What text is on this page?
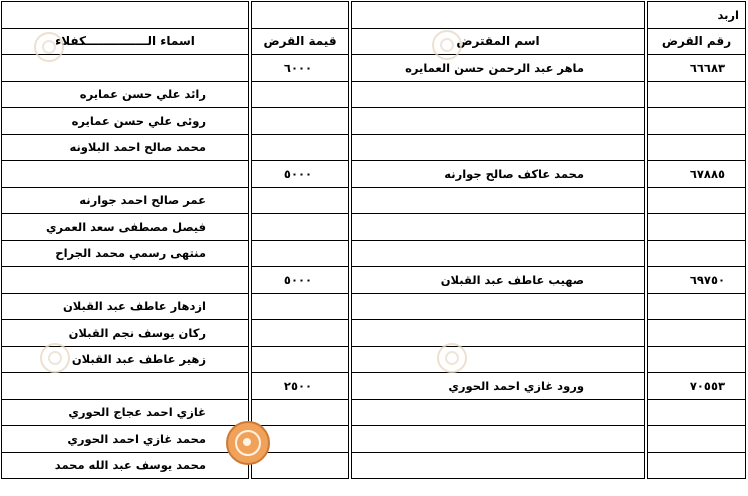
						اربد
اسماء الـــــــــــــــكفلاء		قيمة القرض		اسم المقترض		رقم القرض
		٦٠٠٠		ماهر عبد الرحمن حسن العمايره		٦٦٦٨٣
رائد علي حسن عمايره						
روئى علي حسن عمايره						
محمد صالح احمد البلاونه						
		٥٠٠٠		محمد عاكف صالح جوارنه		٦٧٨٨٥
عمر صالح احمد جوارنه						
فيصل مصطفى سعد العمري						
منتهى رسمي محمد الجراح						
		٥٠٠٠		صهيب عاطف عبد القبلان		٦٩٧٥٠
ازدهار عاطف عبد القبلان						
ركان يوسف نجم القبلان						
زهير عاطف عبد القبلان						
		٢٥٠٠		ورود غازي احمد الحوري		٧٠٥٥٣
غازي احمد عجاج الحوري						
محمد غازي احمد الحوري						
محمد يوسف عبد الله محمد						
